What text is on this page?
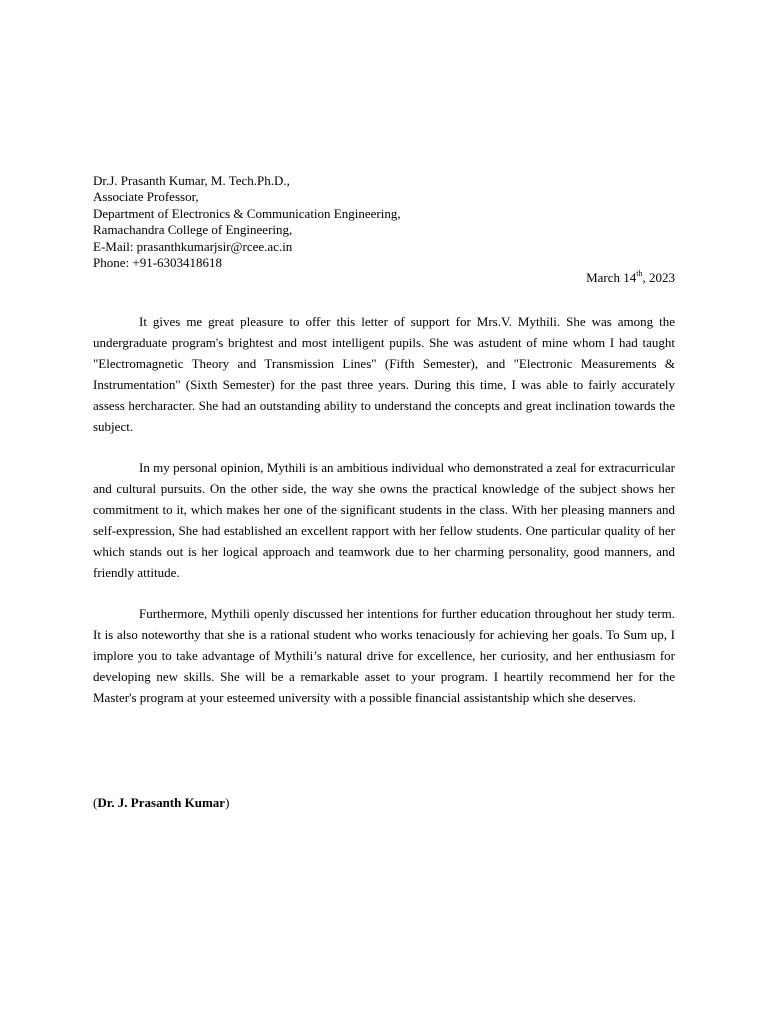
Dr.J. Prasanth Kumar, M. Tech.Ph.D.,
Associate Professor,
Department of Electronics & Communication Engineering,
Ramachandra College of Engineering,
E-Mail: prasanthkumarjsir@rcee.ac.in
Phone: +91-6303418618
March 14th, 2023

It gives me great pleasure to offer this letter of support for Mrs.V. Mythili. She was among the undergraduate program's brightest and most intelligent pupils. She was astudent of mine whom I had taught "Electromagnetic Theory and Transmission Lines" (Fifth Semester), and "Electronic Measurements & Instrumentation" (Sixth Semester) for the past three years. During this time, I was able to fairly accurately assess hercharacter. She had an outstanding ability to understand the concepts and great inclination towards the subject.

In my personal opinion, Mythili is an ambitious individual who demonstrated a zeal for extracurricular and cultural pursuits. On the other side, the way she owns the practical knowledge of the subject shows her commitment to it, which makes her one of the significant students in the class. With her pleasing manners and self-expression, She had established an excellent rapport with her fellow students. One particular quality of her which stands out is her logical approach and teamwork due to her charming personality, good manners, and friendly attitude.

Furthermore, Mythili openly discussed her intentions for further education throughout her study term. It is also noteworthy that she is a rational student who works tenaciously for achieving her goals. To Sum up, I implore you to take advantage of Mythili’s natural drive for excellence, her curiosity, and her enthusiasm for developing new skills. She will be a remarkable asset to your program. I heartily recommend her for the Master's program at your esteemed university with a possible financial assistantship which she deserves.

(Dr. J. Prasanth Kumar)
